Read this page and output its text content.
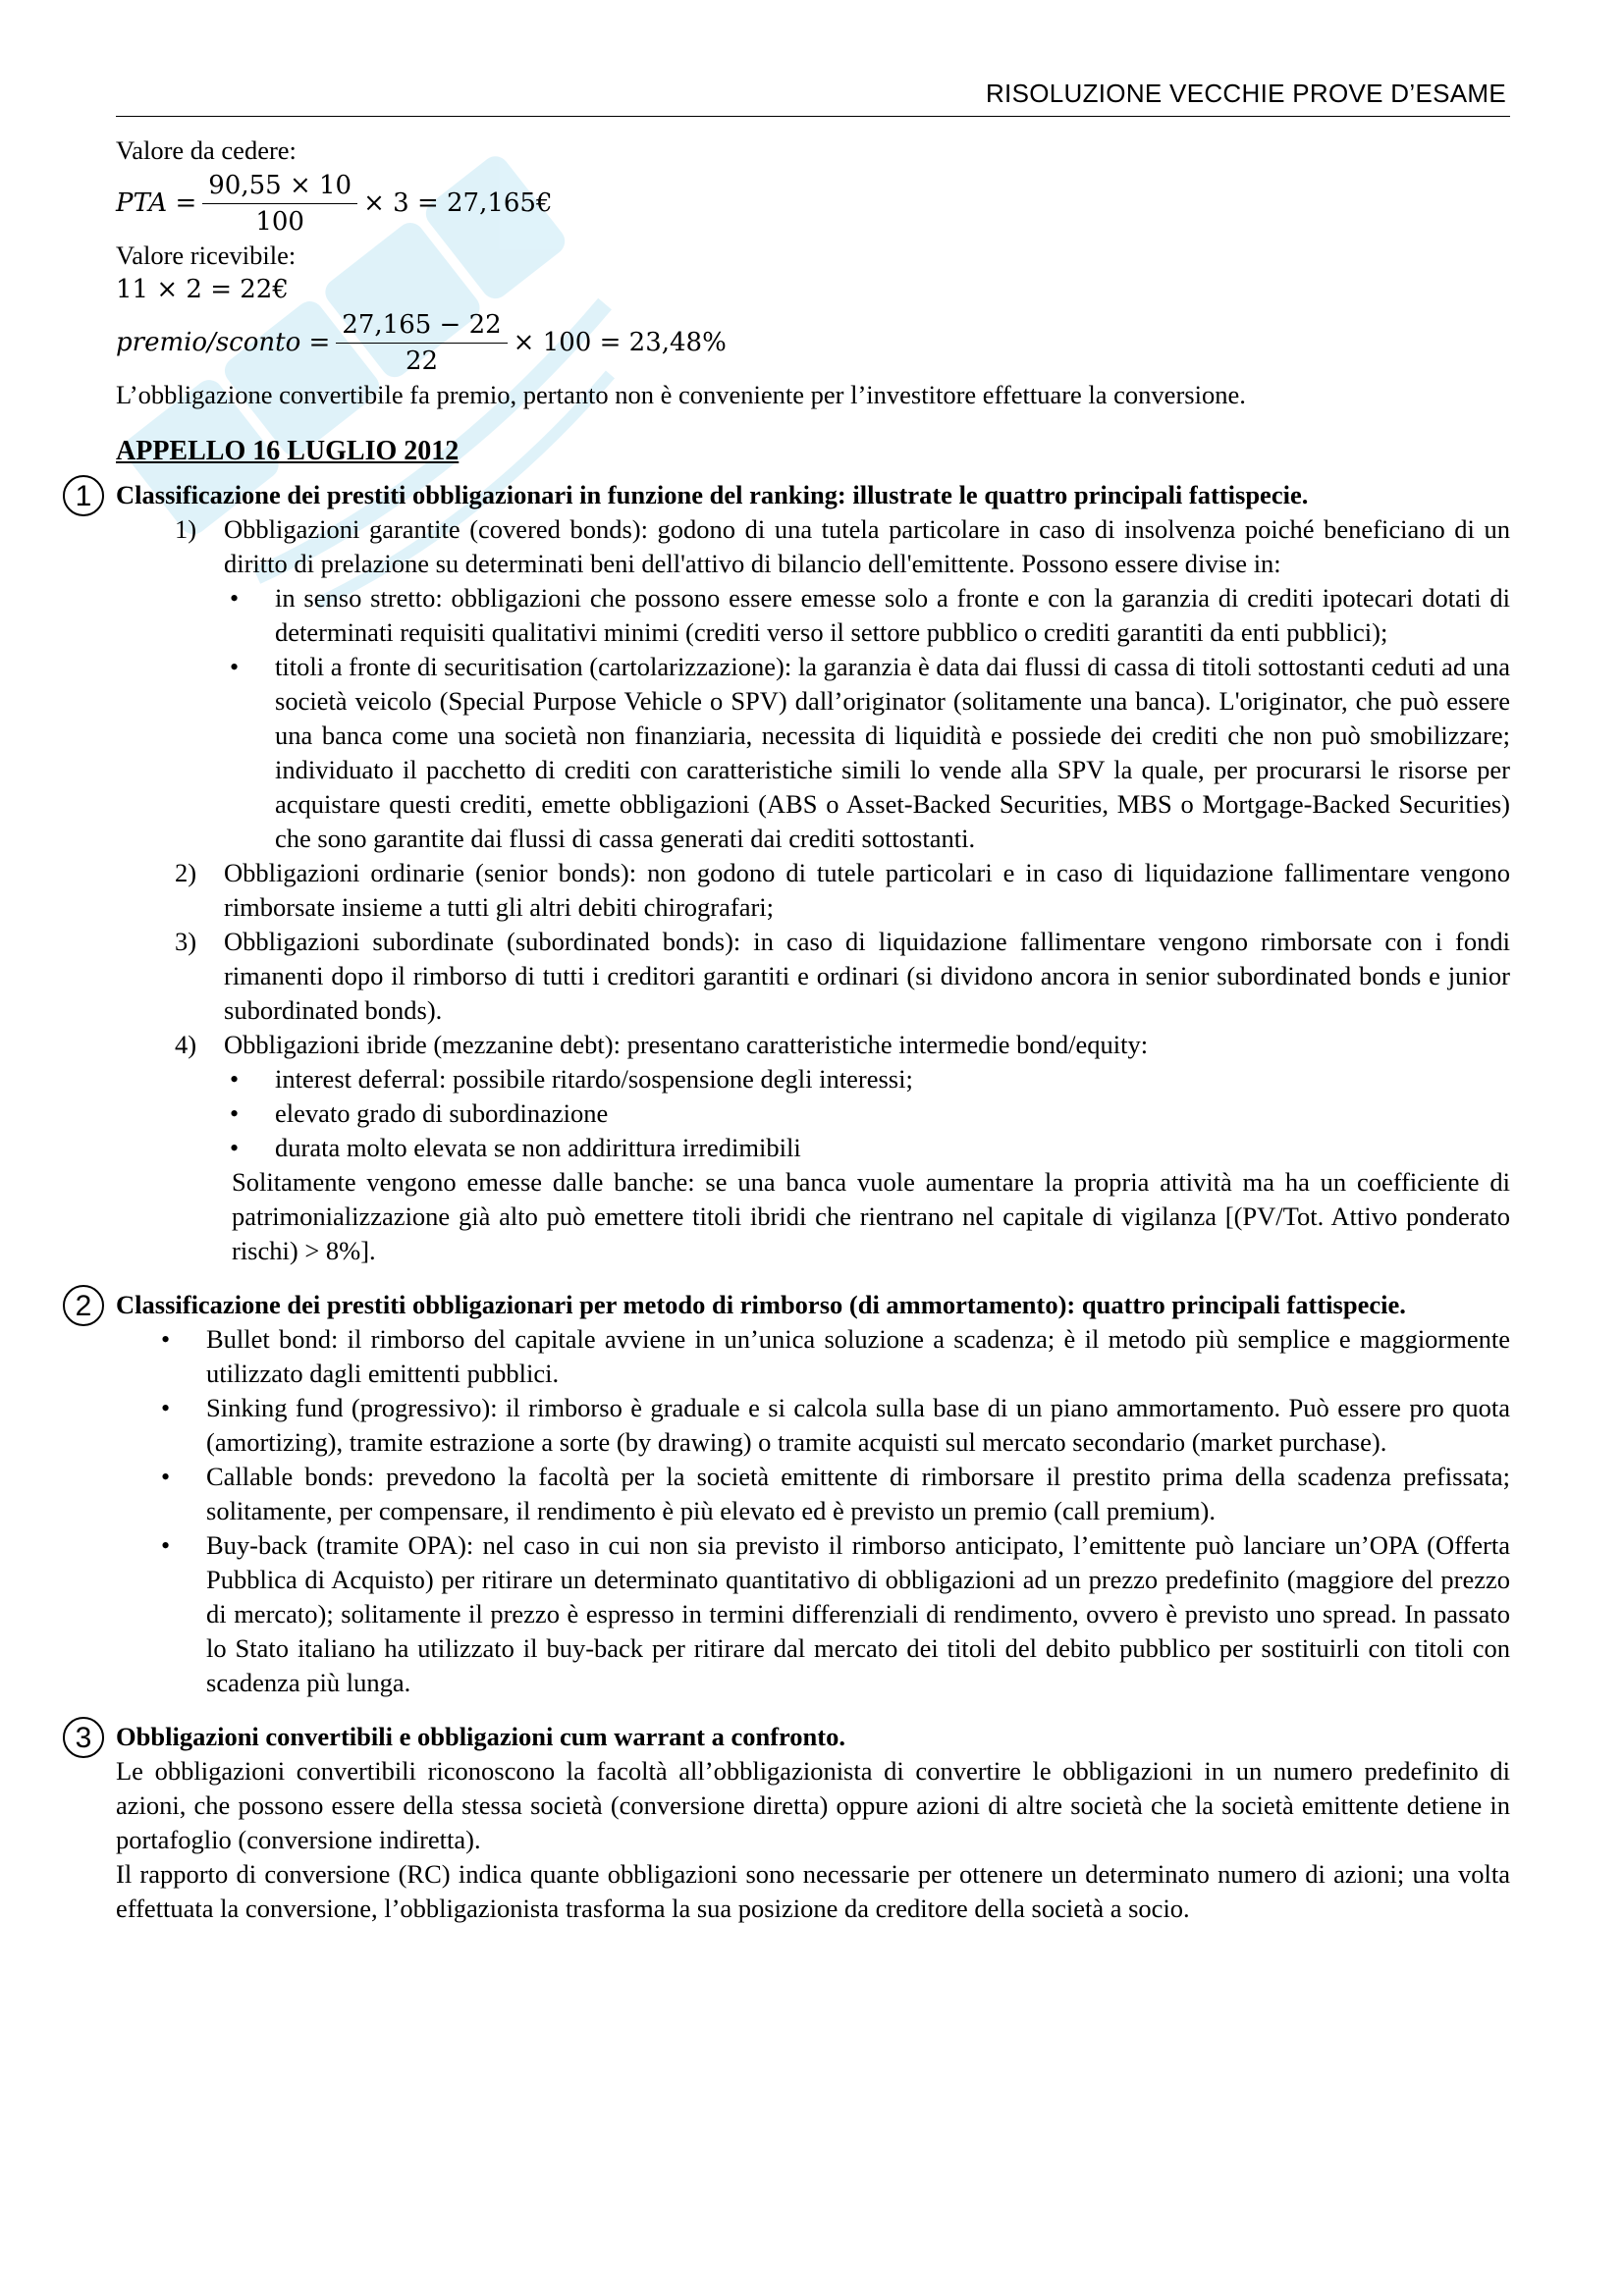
RISOLUZIONE VECCHIE PROVE D’ESAME
Valore da cedere:
PTA = $\frac{90,55 \times 10}{100} \times 3$ = 27,165€
Valore ricevibile:
11 × 2 = 22€
premio/sconto = $\frac{27,165 - 22}{22} \times 100 = 23,48\%$
L’obbligazione convertibile fa premio, pertanto non è conveniente per l’investitore effettuare la conversione.
APPELLO 16 LUGLIO 2012
1 Classificazione dei prestiti obbligazionari in funzione del ranking: illustrate le quattro principali fattispecie.
1) Obbligazioni garantite (covered bonds): godono di una tutela particolare in caso di insolvenza poiché beneficiano di un diritto di prelazione su determinati beni dell'attivo di bilancio dell'emittente. Possono essere divise in:
• in senso stretto: obbligazioni che possono essere emesse solo a fronte e con la garanzia di crediti ipotecari dotati di determinati requisiti qualitativi minimi (crediti verso il settore pubblico o crediti garantiti da enti pubblici);
• titoli a fronte di securitisation (cartolarizzazione): la garanzia è data dai flussi di cassa di titoli sottostanti ceduti ad una società veicolo (Special Purpose Vehicle o SPV) dall’originator (solitamente una banca). L'originator, che può essere una banca come una società non finanziaria, necessita di liquidità e possiede dei crediti che non può smobilizzare; individuato il pacchetto di crediti con caratteristiche simili lo vende alla SPV la quale, per procurarsi le risorse per acquistare questi crediti, emette obbligazioni (ABS o Asset-Backed Securities, MBS o Mortgage-Backed Securities) che sono garantite dai flussi di cassa generati dai crediti sottostanti.
2) Obbligazioni ordinarie (senior bonds): non godono di tutele particolari e in caso di liquidazione fallimentare vengono rimborsate insieme a tutti gli altri debiti chirografari;
3) Obbligazioni subordinate (subordinated bonds): in caso di liquidazione fallimentare vengono rimborsate con i fondi rimanenti dopo il rimborso di tutti i creditori garantiti e ordinari (si dividono ancora in senior subordinated bonds e junior subordinated bonds).
4) Obbligazioni ibride (mezzanine debt): presentano caratteristiche intermedie bond/equity:
• interest deferral: possibile ritardo/sospensione degli interessi;
• elevato grado di subordinazione
• durata molto elevata se non addirittura irredimibili
Solitamente vengono emesse dalle banche: se una banca vuole aumentare la propria attività ma ha un coefficiente di patrimonializzazione già alto può emettere titoli ibridi che rientrano nel capitale di vigilanza [(PV/Tot. Attivo ponderato rischi) > 8%].
2 Classificazione dei prestiti obbligazionari per metodo di rimborso (di ammortamento): quattro principali fattispecie.
• Bullet bond: il rimborso del capitale avviene in un’unica soluzione a scadenza; è il metodo più semplice e maggiormente utilizzato dagli emittenti pubblici.
• Sinking fund (progressivo): il rimborso è graduale e si calcola sulla base di un piano ammortamento. Può essere pro quota (amortizing), tramite estrazione a sorte (by drawing) o tramite acquisti sul mercato secondario (market purchase).
• Callable bonds: prevedono la facoltà per la società emittente di rimborsare il prestito prima della scadenza prefissata; solitamente, per compensare, il rendimento è più elevato ed è previsto un premio (call premium).
• Buy-back (tramite OPA): nel caso in cui non sia previsto il rimborso anticipato, l’emittente può lanciare un’OPA (Offerta Pubblica di Acquisto) per ritirare un determinato quantitativo di obbligazioni ad un prezzo predefinito (maggiore del prezzo di mercato); solitamente il prezzo è espresso in termini differenziali di rendimento, ovvero è previsto uno spread. In passato lo Stato italiano ha utilizzato il buy-back per ritirare dal mercato dei titoli del debito pubblico per sostituirli con titoli con scadenza più lunga.
3 Obbligazioni convertibili e obbligazioni cum warrant a confronto.
Le obbligazioni convertibili riconoscono la facoltà all’obbligazionista di convertire le obbligazioni in un numero predefinito di azioni, che possono essere della stessa società (conversione diretta) oppure azioni di altre società che la società emittente detiene in portafoglio (conversione indiretta).
Il rapporto di conversione (RC) indica quante obbligazioni sono necessarie per ottenere un determinato numero di azioni; una volta effettuata la conversione, l’obbligazionista trasforma la sua posizione da creditore della società a socio.
